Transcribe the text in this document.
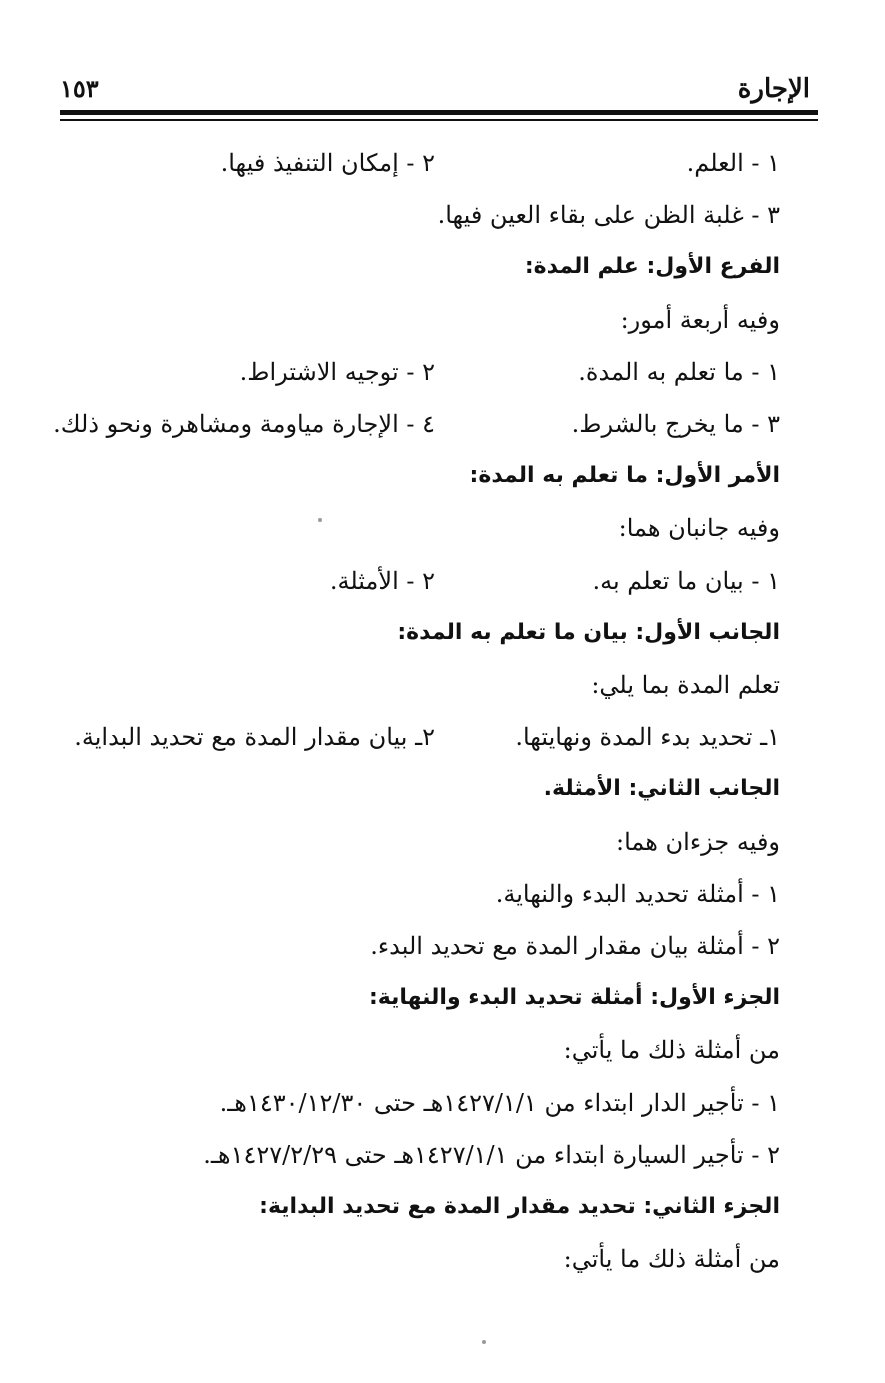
الإجارة
١٥٣
١ - العلم.
٢ - إمكان التنفيذ فيها.
٣ - غلبة الظن على بقاء العين فيها.
الفرع الأول: علم المدة:
وفيه أربعة أمور:
١ - ما تعلم به المدة.
٢ - توجيه الاشتراط.
٣ - ما يخرج بالشرط.
٤ - الإجارة مياومة ومشاهرة ونحو ذلك.
الأمر الأول: ما تعلم به المدة:
وفيه جانبان هما:
١ - بيان ما تعلم به.
٢ - الأمثلة.
الجانب الأول: بيان ما تعلم به المدة:
تعلم المدة بما يلي:
١ـ تحديد بدء المدة ونهايتها.
٢ـ بيان مقدار المدة مع تحديد البداية.
الجانب الثاني: الأمثلة.
وفيه جزءان هما:
١ - أمثلة تحديد البدء والنهاية.
٢ - أمثلة بيان مقدار المدة مع تحديد البدء.
الجزء الأول: أمثلة تحديد البدء والنهاية:
من أمثلة ذلك ما يأتي:
١ - تأجير الدار ابتداء من ١٤٢٧/١/١هـ حتى ١٤٣٠/١٢/٣٠هـ.
٢ - تأجير السيارة ابتداء من ١٤٢٧/١/١هـ حتى ١٤٢٧/٢/٢٩هـ.
الجزء الثاني: تحديد مقدار المدة مع تحديد البداية:
من أمثلة ذلك ما يأتي:
